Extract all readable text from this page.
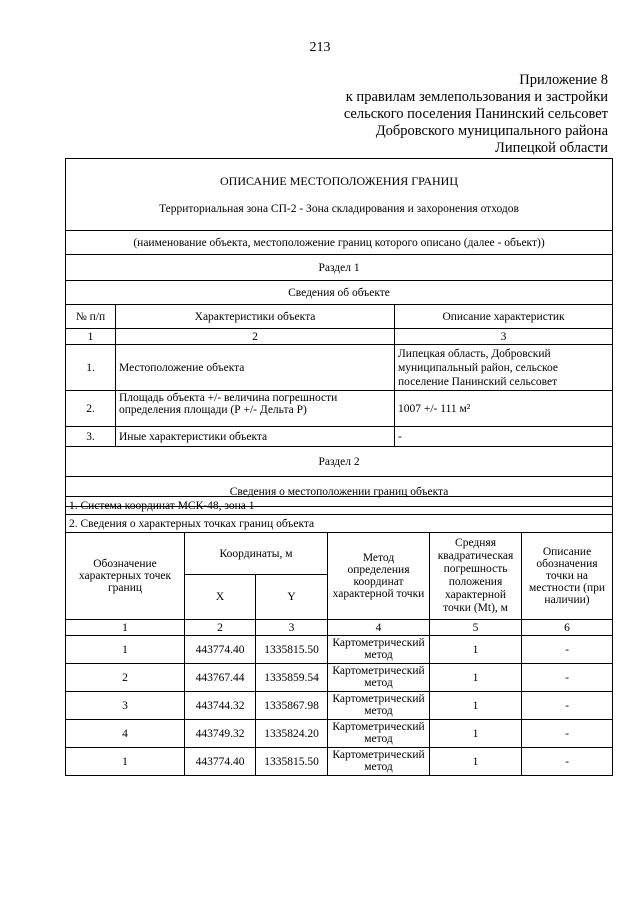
213
Приложение 8
к правилам землепользования и застройки
сельского поселения Панинский сельсовет
Добровского муниципального района
Липецкой области
ОПИСАНИЕ МЕСТОПОЛОЖЕНИЯ ГРАНИЦ
Территориальная зона СП-2 - Зона складирования и захоронения отходов		

(наименование объекта, местоположение границ которого описано (далее - объект))		
Раздел 1		
Сведения об объекте		
№ п/п	Характеристики объекта	Описание характеристик
1	2	3
1.	Местоположение объекта	Липецкая область, Добровский муниципальный район, сельское поселение Панинский сельсовет
2.	Площадь объекта +/- величина погрешности определения площади (Р +/- Дельта Р)	1007 +/- 111 м²
3.	Иные характеристики объекта	-
Раздел 2		
Сведения о местоположении границ объекта		
1. Система координат МСК-48, зона 1
2. Сведения о характерных точках границ объекта
Обозначение характерных точек границ	Координаты, м		Метод определения координат характерной точки	Средняя квадратическая погрешность положения характерной точки (Mt), м	Описание обозначения точки на местности (при наличии)
	X	Y			
1	2	3	4	5	6
1	443774.40	1335815.50	Картометрический метод	1	-
2	443767.44	1335859.54	Картометрический метод	1	-
3	443744.32	1335867.98	Картометрический метод	1	-
4	443749.32	1335824.20	Картометрический метод	1	-
1	443774.40	1335815.50	Картометрический метод	1	-
